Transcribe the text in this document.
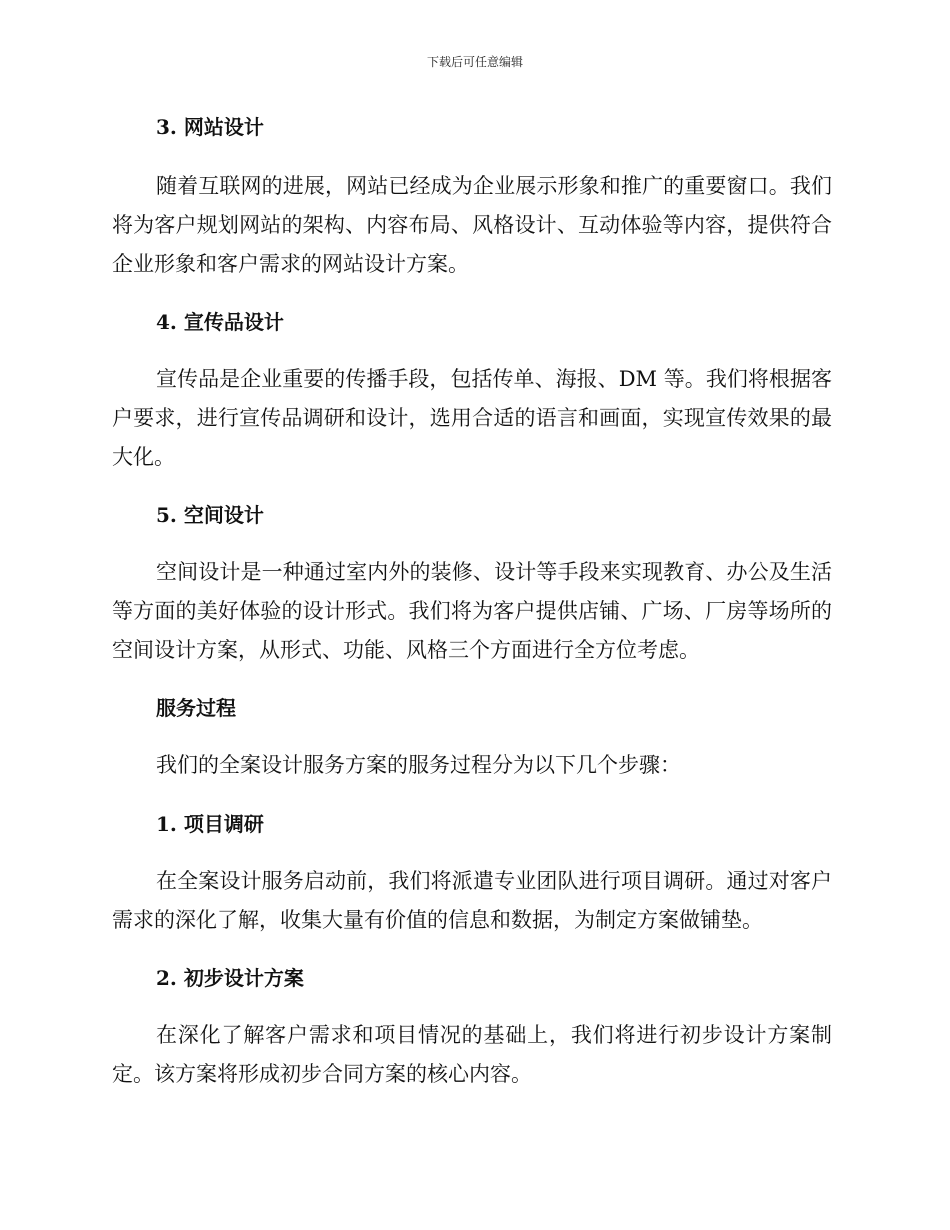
下载后可任意编辑
3. 网站设计

随着互联网的进展，网站已经成为企业展示形象和推广的重要窗口。我们将为客户规划网站的架构、内容布局、风格设计、互动体验等内容，提供符合企业形象和客户需求的网站设计方案。

4. 宣传品设计

宣传品是企业重要的传播手段，包括传单、海报、DM 等。我们将根据客户要求，进行宣传品调研和设计，选用合适的语言和画面，实现宣传效果的最大化。

5. 空间设计

空间设计是一种通过室内外的装修、设计等手段来实现教育、办公及生活等方面的美好体验的设计形式。我们将为客户提供店铺、广场、厂房等场所的空间设计方案，从形式、功能、风格三个方面进行全方位考虑。

服务过程

我们的全案设计服务方案的服务过程分为以下几个步骤：

1. 项目调研

在全案设计服务启动前，我们将派遣专业团队进行项目调研。通过对客户需求的深化了解，收集大量有价值的信息和数据，为制定方案做铺垫。

2. 初步设计方案

在深化了解客户需求和项目情况的基础上，我们将进行初步设计方案制定。该方案将形成初步合同方案的核心内容。
